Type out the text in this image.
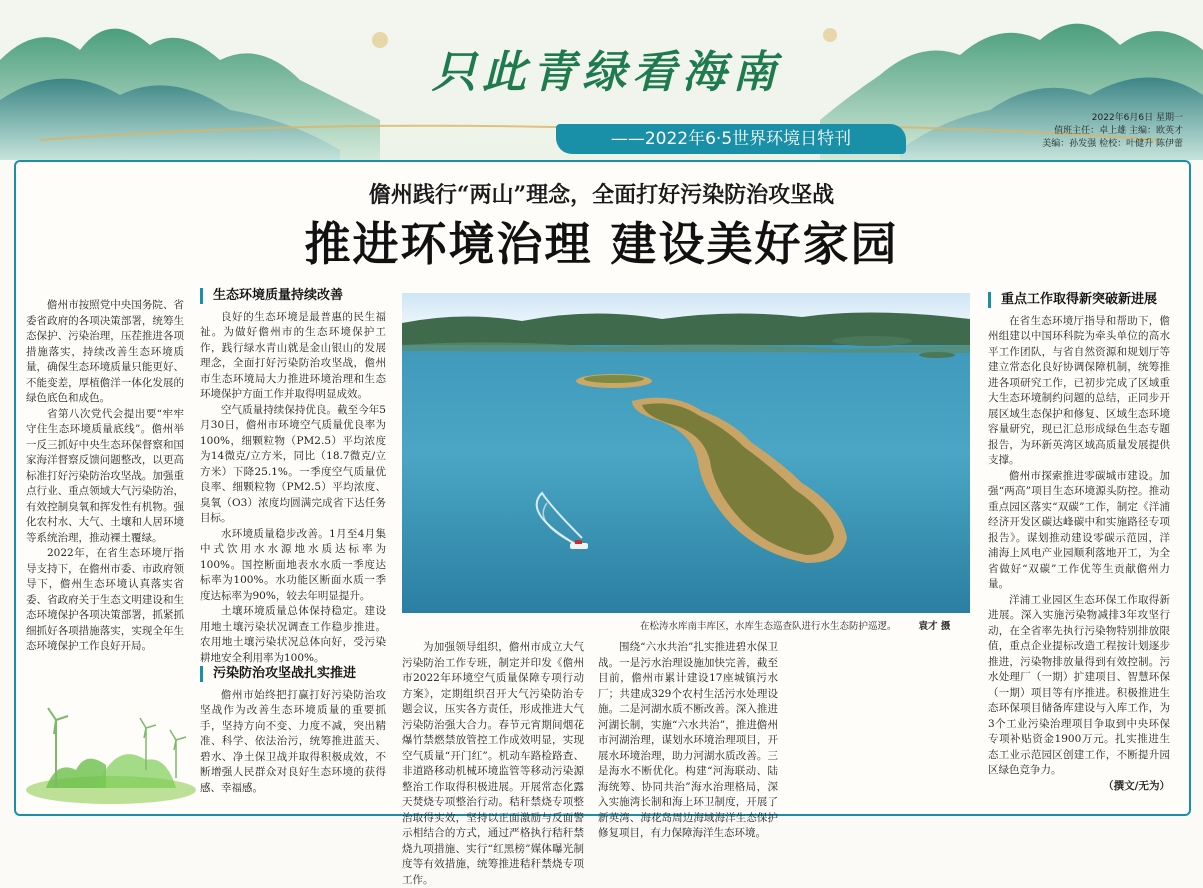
只此青绿看海南
——2022年6·5世界环境日特刊
2022年6月6日 星期一
值班主任：卓上雄 主编：欧英才
美编：孙发强 检校：叶健升 陈伊蕾
儋州践行“两山”理念，全面打好污染防治攻坚战
推进环境治理 建设美好家园

儋州市按照党中央国务院、省委省政府的各项决策部署，统筹生态保护、污染治理，压茬推进各项措施落实，持续改善生态环境质量，确保生态环境质量只能更好、不能变差，厚植儋洋一体化发展的绿色底色和成色。

省第八次党代会提出要“牢牢守住生态环境质量底线”。儋州举一反三抓好中央生态环保督察和国家海洋督察反馈问题整改，以更高标准打好污染防治攻坚战。加强重点行业、重点领域大气污染防治，有效控制臭氧和挥发性有机物。强化农村水、大气、土壤和人居环境等系统治理，推动裸土覆绿。

2022年，在省生态环境厅指导支持下，在儋州市委、市政府领导下，儋州生态环境认真落实省委、省政府关于生态文明建设和生态环境保护各项决策部署，抓紧抓细抓好各项措施落实，实现全年生态环境保护工作良好开局。

生态环境质量持续改善

良好的生态环境是最普惠的民生福祉。为做好儋州市的生态环境保护工作，践行绿水青山就是金山银山的发展理念，全面打好污染防治攻坚战，儋州市生态环境局大力推进环境治理和生态环境保护方面工作并取得明显成效。

空气质量持续保持优良。截至今年5月30日，儋州市环境空气质量优良率为100%，细颗粒物（PM2.5）平均浓度为14微克/立方米，同比（18.7微克/立方米）下降25.1%。一季度空气质量优良率、细颗粒物（PM2.5）平均浓度、臭氧（O3）浓度均圆满完成省下达任务目标。

水环境质量稳步改善。1月至4月集中式饮用水水源地水质达标率为100%。国控断面地表水水质一季度达标率为100%。水功能区断面水质一季度达标率为90%，较去年明显提升。

土壤环境质量总体保持稳定。建设用地土壤污染状况调查工作稳步推进。农用地土壤污染状况总体向好，受污染耕地安全利用率为100%。

在松涛水库南丰库区，水库生态巡查队进行水生态防护巡逻。 袁才 摄
重点工作取得新突破新进展

在省生态环境厅指导和帮助下，儋州组建以中国环科院为牵头单位的高水平工作团队，与省自然资源和规划厅等建立常态化良好协调保障机制，统筹推进各项研究工作，已初步完成了区域重大生态环境制约问题的总结，正同步开展区域生态保护和修复、区域生态环境容量研究，现已汇总形成绿色生态专题报告，为环新英湾区域高质量发展提供支撑。

儋州市探索推进零碳城市建设。加强“两高”项目生态环境源头防控。推动重点园区落实“双碳”工作，制定《洋浦经济开发区碳达峰碳中和实施路径专项报告》。谋划推动建设零碳示范园，洋浦海上风电产业园顺利落地开工，为全省做好“双碳”工作优等生贡献儋州力量。

洋浦工业园区生态环保工作取得新进展。深入实施污染物减排3年攻坚行动，在全省率先执行污染物特别排放限值，重点企业提标改造工程按计划逐步推进，污染物排放量得到有效控制。污水处理厂（一期）扩建项目、智慧环保（一期）项目等有序推进。积极推进生态环保项目储备库建设与入库工作，为3个工业污染治理项目争取到中央环保专项补贴资金1900万元。扎实推进生态工业示范园区创建工作，不断提升园区绿色竞争力。

（撰文/无为）

污染防治攻坚战扎实推进

儋州市始终把打赢打好污染防治攻坚战作为改善生态环境质量的重要抓手，坚持方向不变、力度不减，突出精准、科学、依法治污，统筹推进蓝天、碧水、净土保卫战并取得积极成效，不断增强人民群众对良好生态环境的获得感、幸福感。

为加强领导组织，儋州市成立大气污染防治工作专班，制定并印发《儋州市2022年环境空气质量保障专项行动方案》，定期组织召开大气污染防治专题会议，压实各方责任，形成推进大气污染防治强大合力。春节元宵期间烟花爆竹禁燃禁放管控工作成效明显，实现空气质量“开门红”。机动车路检路查、非道路移动机械环境监管等移动污染源整治工作取得积极进展。开展常态化露天焚烧专项整治行动。秸秆禁烧专项整治取得实效，坚持以正面激励与反面警示相结合的方式，通过严格执行秸秆禁烧九项措施、实行“红黑榜”媒体曝光制度等有效措施，统筹推进秸秆禁烧专项工作。

围绕“六水共治”扎实推进碧水保卫战。一是污水治理设施加快完善，截至目前，儋州市累计建设17座城镇污水厂；共建成329个农村生活污水处理设施。二是河湖水质不断改善。深入推进河湖长制，实施“六水共治”，推进儋州市河湖治理，谋划水环境治理项目，开展水环境治理，助力河湖水质改善。三是海水不断优化。构建“河海联动、陆海统筹、协同共治”海水治理格局，深入实施湾长制和海上环卫制度，开展了新英湾、海花岛周边海域海洋生态保护修复项目，有力保障海洋生态环境。
